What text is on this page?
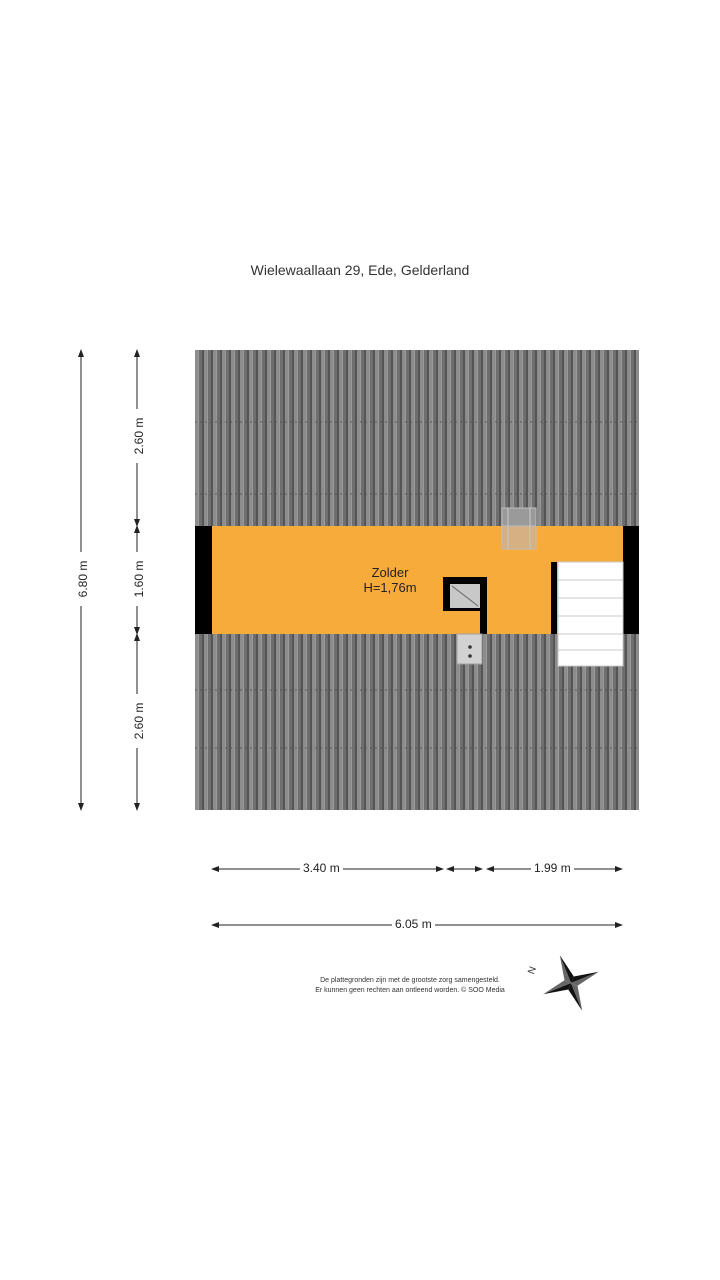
Wielewaallaan 29, Ede, Gelderland
Zolder
H=1,76m
6.80 m
2.60 m
1.60 m
2.60 m
3.40 m	1.99 m
6.05 m
De plattegronden zijn met de grootste zorg samengesteld.
Er kunnen geen rechten aan ontleend worden. © SOO Media
N
